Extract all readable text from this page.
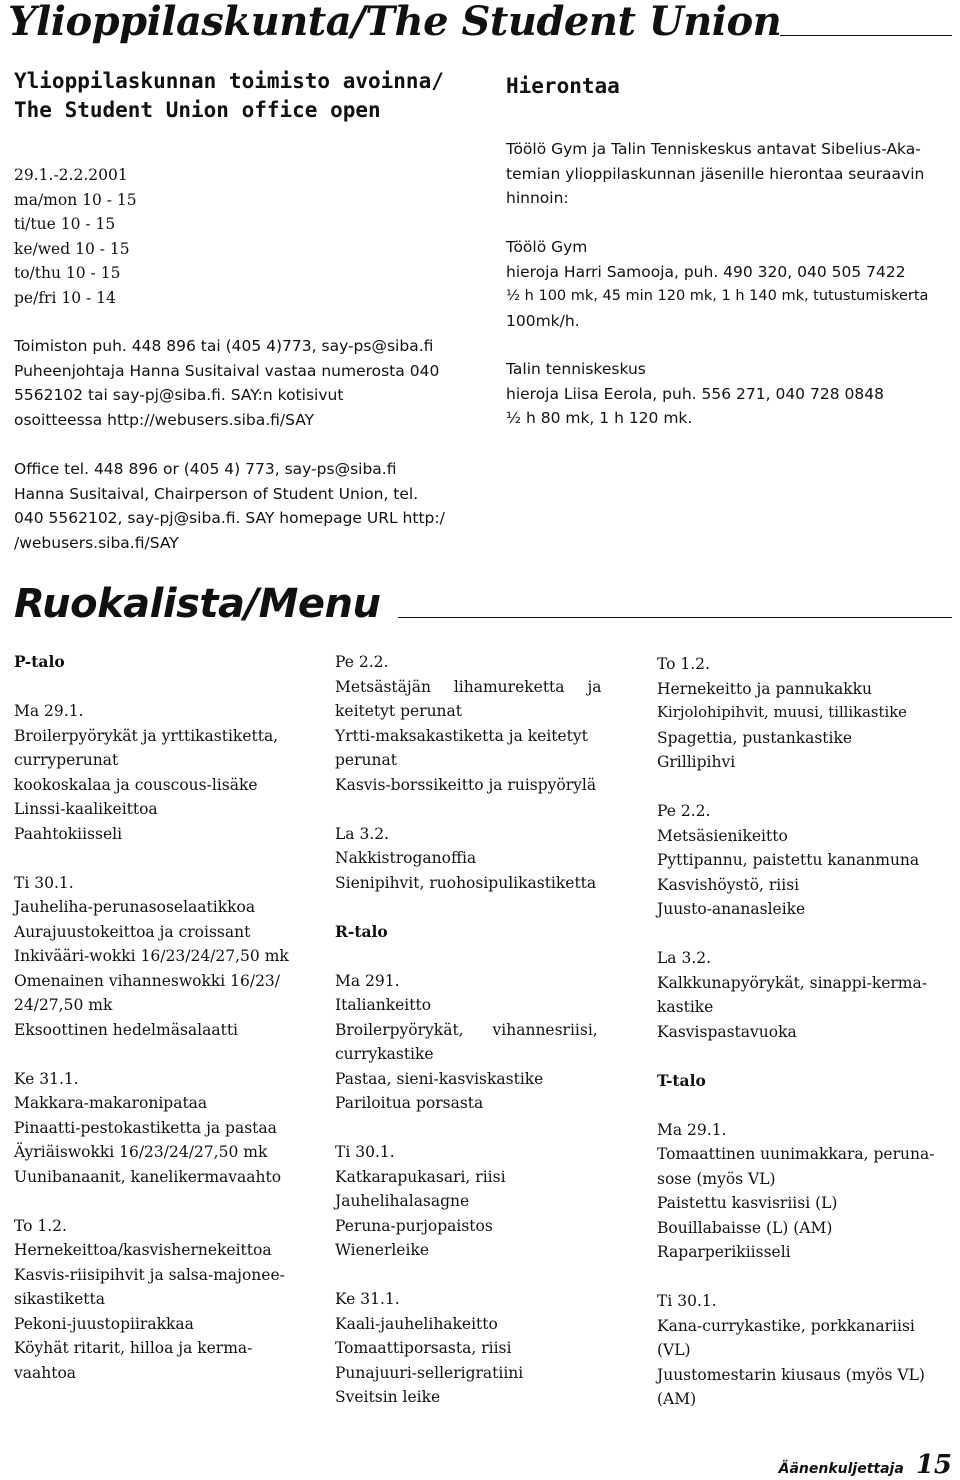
Ylioppilaskunta/The Student Union
Ylioppilaskunnan toimisto avoinna/
The Student Union office open
29.1.-2.2.2001
ma/mon 10 - 15
ti/tue 10 - 15
ke/wed 10 - 15
to/thu 10 - 15
pe/fri 10 - 14
Toimiston puh. 448 896 tai (405 4)773, say-ps@siba.fi
Puheenjohtaja Hanna Susitaival vastaa numerosta 040
5562102 tai say-pj@siba.fi. SAY:n kotisivut
osoitteessa http://webusers.siba.fi/SAY
Office tel. 448 896 or (405 4) 773, say-ps@siba.fi
Hanna Susitaival, Chairperson of Student Union, tel.
040 5562102, say-pj@siba.fi. SAY homepage URL http:/
/webusers.siba.fi/SAY
Hierontaa
Töölö Gym ja Talin Tenniskeskus antavat Sibelius-Aka-
temian ylioppilaskunnan jäsenille hierontaa seuraavin
hinnoin:
Töölö Gym
hieroja Harri Samooja, puh. 490 320, 040 505 7422
½ h 100 mk, 45 min 120 mk, 1 h 140 mk, tutustumiskerta
100mk/h.
Talin tenniskeskus
hieroja Liisa Eerola, puh. 556 271, 040 728 0848
½ h 80 mk, 1 h 120 mk.
Ruokalista/Menu
P-talo
Ma 29.1.
Broilerpyörykät ja yrttikastiketta,
curryperunat
kookoskalaa ja couscous-lisäke
Linssi-kaalikeittoa
Paahtokiisseli
Ti 30.1.
Jauheliha-perunasoselaatikkoa
Aurajuustokeittoa ja croissant
Inkivääri-wokki 16/23/24/27,50 mk
Omenainen vihanneswokki 16/23/
24/27,50 mk
Eksoottinen hedelmäsalaatti
Ke 31.1.
Makkara-makaronipataa
Pinaatti-pestokastiketta ja pastaa
Äyriäiswokki 16/23/24/27,50 mk
Uunibanaanit, kanelikermavaahto
To 1.2.
Hernekeittoa/kasvishernekeittoa
Kasvis-riisipihvit ja salsa-majonee-
sikastiketta
Pekoni-juustopiirakkaa
Köyhät ritarit, hilloa ja kerma-
vaahtoa
Pe 2.2.
Metsästäjän lihamureketta ja
keitetyt perunat
Yrtti-maksakastiketta ja keitetyt
perunat
Kasvis-borssikeitto ja ruispyörylä
La 3.2.
Nakkistroganoffia
Sienipihvit, ruohosipulikastiketta
R-talo
Ma 291.
Italiankeitto
Broilerpyörykät, vihannesriisi,
currykastike
Pastaa, sieni-kasviskastike
Pariloitua porsasta
Ti 30.1.
Katkarapukasari, riisi
Jauhelihalasagne
Peruna-purjopaistos
Wienerleike
Ke 31.1.
Kaali-jauhelihakeitto
Tomaattiporsasta, riisi
Punajuuri-sellerigratiini
Sveitsin leike
To 1.2.
Hernekeitto ja pannukakku
Kirjolohipihvit, muusi, tillikastike
Spagettia, pustankastike
Grillipihvi
Pe 2.2.
Metsäsienikeitto
Pyttipannu, paistettu kananmuna
Kasvishöystö, riisi
Juusto-ananasleike
La 3.2.
Kalkkunapyörykät, sinappi-kerma-
kastike
Kasvispastavuoka
T-talo
Ma 29.1.
Tomaattinen uunimakkara, peruna-
sose (myös VL)
Paistettu kasvisriisi (L)
Bouillabaisse (L) (AM)
Raparperikiisseli
Ti 30.1.
Kana-currykastike, porkkanariisi
(VL)
Juustomestarin kiusaus (myös VL)
(AM)
Äänenkuljettaja 15
